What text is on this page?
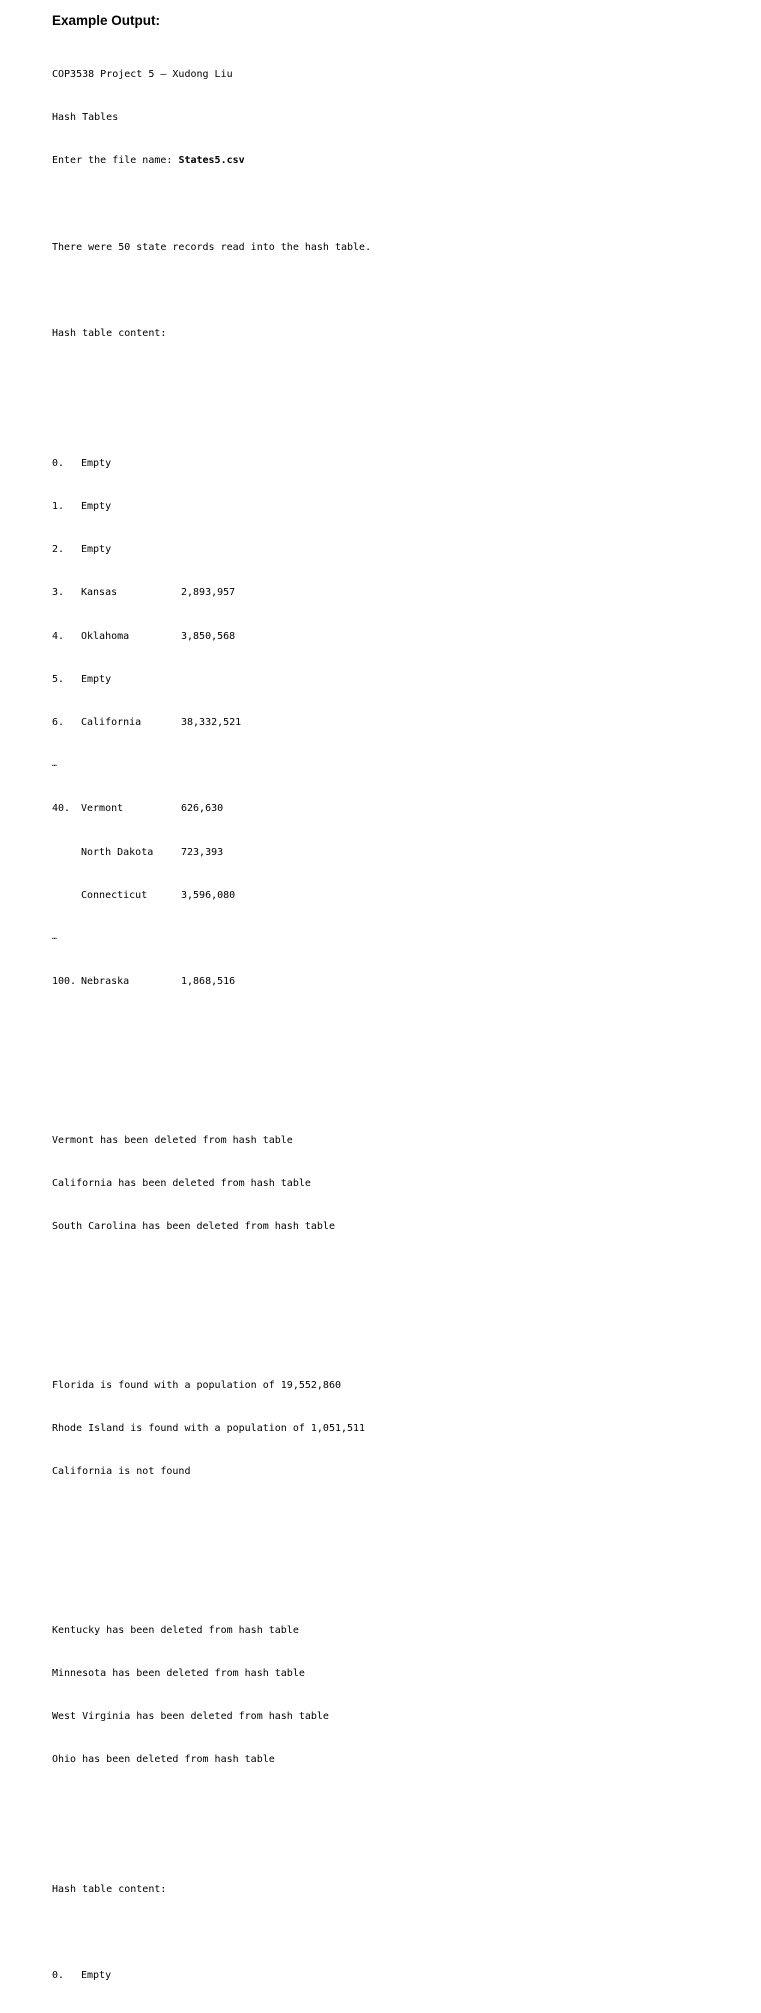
Example Output:

COP3538 Project 5 – Xudong Liu

Hash Tables

Enter the file name: States5.csv

There were 50 state records read into the hash table.

Hash table content:

0.	Empty

1.	Empty

2.	Empty

3.	Kansas	2,893,957

4.	Oklahoma	3,850,568

5.	Empty

6.	California	38,332,521

…

40.	Vermont	626,630

North Dakota	723,393

Connecticut	3,596,080

…

100. Nebraska	1,868,516

Vermont has been deleted from hash table

California has been deleted from hash table

South Carolina has been deleted from hash table

Florida is found with a population of 19,552,860

Rhode Island is found with a population of 1,051,511

California is not found

Kentucky has been deleted from hash table

Minnesota has been deleted from hash table

West Virginia has been deleted from hash table

Ohio has been deleted from hash table

Hash table content:

0.	Empty
